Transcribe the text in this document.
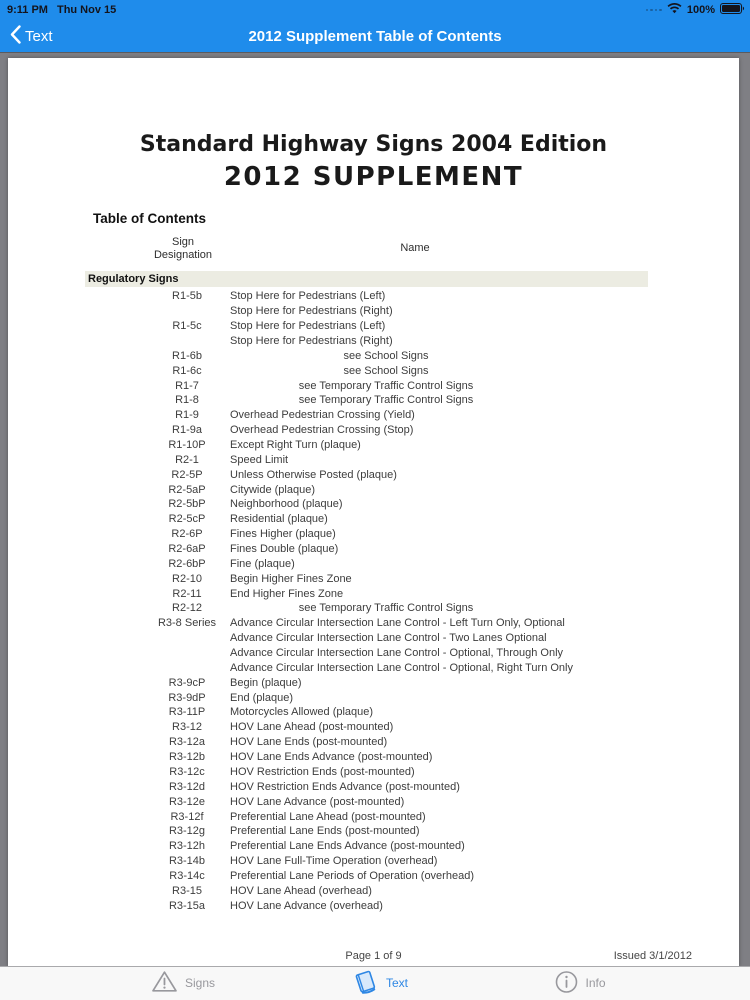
9:11 PM Thu Nov 15	100%
Text	2012 Supplement Table of Contents
Standard Highway Signs 2004 Edition
2012 SUPPLEMENT
Table of Contents
Sign
Designation
Name
Regulatory Signs
R1-5b	Stop Here for Pedestrians (Left)
Stop Here for Pedestrians (Right)
R1-5c	Stop Here for Pedestrians (Left)
Stop Here for Pedestrians (Right)
R1-6b	see School Signs
R1-6c	see School Signs
R1-7	see Temporary Traffic Control Signs
R1-8	see Temporary Traffic Control Signs
R1-9	Overhead Pedestrian Crossing (Yield)
R1-9a	Overhead Pedestrian Crossing (Stop)
R1-10P	Except Right Turn (plaque)
R2-1	Speed Limit
R2-5P	Unless Otherwise Posted (plaque)
R2-5aP	Citywide (plaque)
R2-5bP	Neighborhood (plaque)
R2-5cP	Residential (plaque)
R2-6P	Fines Higher (plaque)
R2-6aP	Fines Double (plaque)
R2-6bP	Fine (plaque)
R2-10	Begin Higher Fines Zone
R2-11	End Higher Fines Zone
R2-12	see Temporary Traffic Control Signs
R3-8 Series	Advance Circular Intersection Lane Control - Left Turn Only, Optional
Advance Circular Intersection Lane Control - Two Lanes Optional
Advance Circular Intersection Lane Control - Optional, Through Only
Advance Circular Intersection Lane Control - Optional, Right Turn Only
R3-9cP	Begin (plaque)
R3-9dP	End (plaque)
R3-11P	Motorcycles Allowed (plaque)
R3-12	HOV Lane Ahead (post-mounted)
R3-12a	HOV Lane Ends (post-mounted)
R3-12b	HOV Lane Ends Advance (post-mounted)
R3-12c	HOV Restriction Ends (post-mounted)
R3-12d	HOV Restriction Ends Advance (post-mounted)
R3-12e	HOV Lane Advance (post-mounted)
R3-12f	Preferential Lane Ahead (post-mounted)
R3-12g	Preferential Lane Ends (post-mounted)
R3-12h	Preferential Lane Ends Advance (post-mounted)
R3-14b	HOV Lane Full-Time Operation (overhead)
R3-14c	Preferential Lane Periods of Operation (overhead)
R3-15	HOV Lane Ahead (overhead)
R3-15a	HOV Lane Advance (overhead)
Page 1 of 9	Issued 3/1/2012
Signs	Text	Info
